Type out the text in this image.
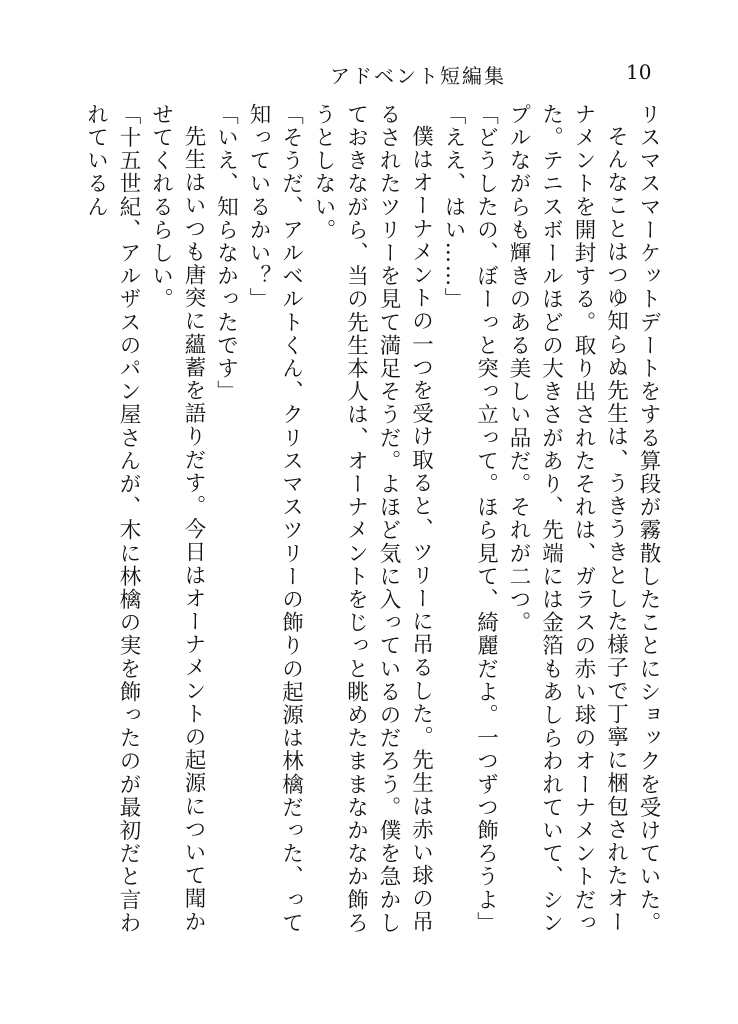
アドベント短編集	10

リスマスマーケットデートをする算段が霧散したことにショックを受けていた。

そんなことはつゆ知らぬ先生は、うきうきとした様子で丁寧に梱包されたオーナメントを開封する。取り出されたそれは、ガラスの赤い球のオーナメントだった。テニスボールほどの大きさがあり、先端には金箔もあしらわれていて、シンプルながらも輝きのある美しい品だ。それが二つ。

「どうしたの、ぼーっと突っ立って。ほら見て、綺麗だよ。一つずつ飾ろうよ」

「ええ、はい……」

僕はオーナメントの一つを受け取ると、ツリーに吊るした。先生は赤い球の吊るされたツリーを見て満足そうだ。よほど気に入っているのだろう。僕を急かしておきながら、当の先生本人は、オーナメントをじっと眺めたままなかなか飾ろうとしない。

「そうだ、アルベルトくん、クリスマスツリーの飾りの起源は林檎だった、って知っているかい？」

「いえ、知らなかったです」

先生はいつも唐突に蘊蓄を語りだす。今日はオーナメントの起源について聞かせてくれるらしい。

「十五世紀、アルザスのパン屋さんが、木に林檎の実を飾ったのが最初だと言われているん
